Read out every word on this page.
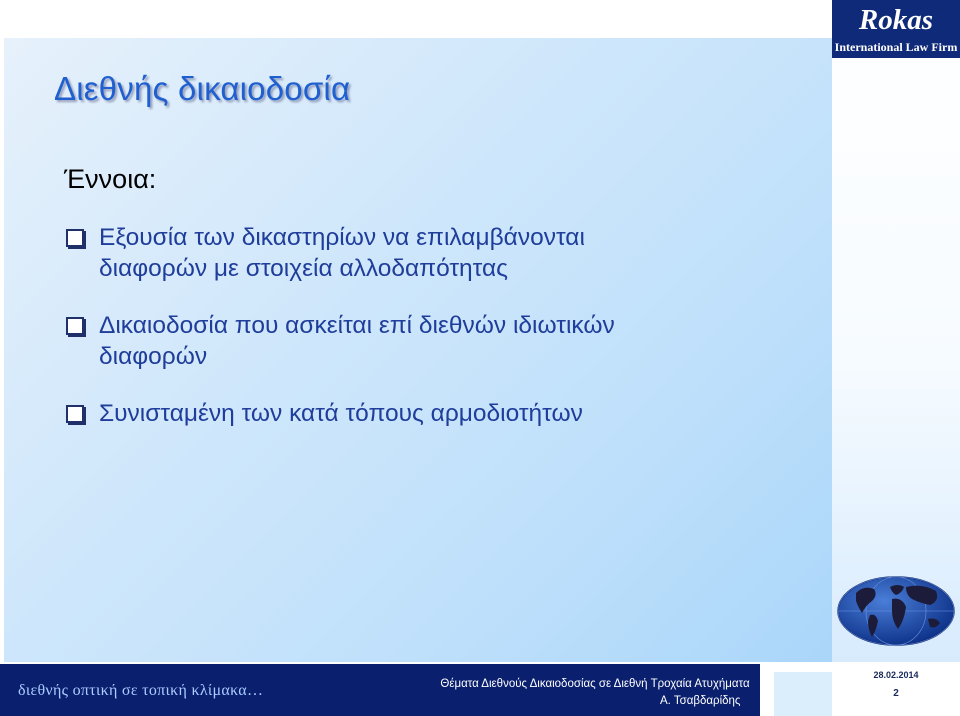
Rokas
International Law Firm
Διεθνής δικαιοδοσία
Έννοια:
Εξουσία των δικαστηρίων να επιλαμβάνονται
διαφορών με στοιχεία αλλοδαπότητας
Δικαιοδοσία που ασκείται επί διεθνών ιδιωτικών
διαφορών
Συνισταμένη των κατά τόπους αρμοδιοτήτων
διεθνής οπτική σε τοπική κλίμακα…	Θέματα Διεθνούς Δικαιοδοσίας σε Διεθνή Τροχαία Ατυχήματα
Α. Τσαβδαρίδης
28.02.2014
2
